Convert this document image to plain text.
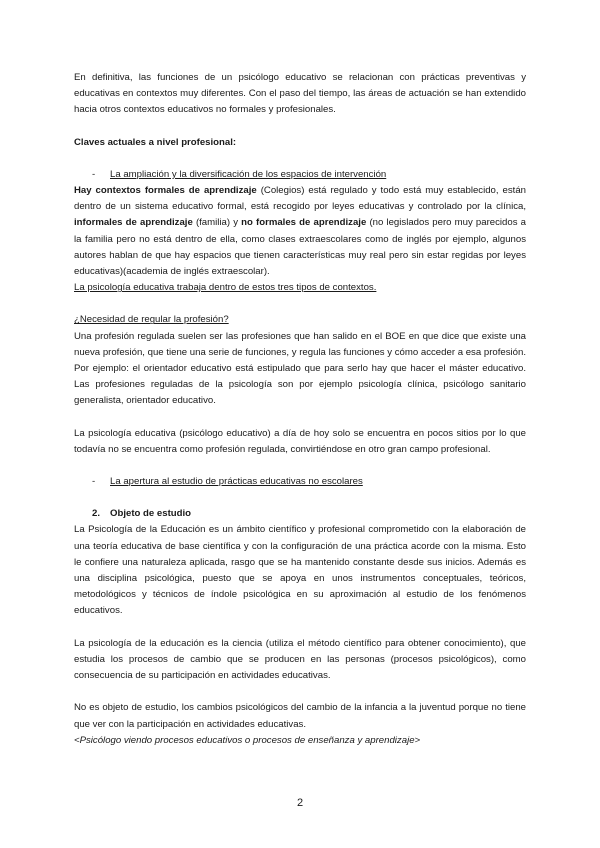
En definitiva, las funciones de un psicólogo educativo se relacionan con prácticas preventivas y educativas en contextos muy diferentes. Con el paso del tiempo, las áreas de actuación se han extendido hacia otros contextos educativos no formales y profesionales.

Claves actuales a nivel profesional:

-	La ampliación y la diversificación de los espacios de intervención

Hay contextos formales de aprendizaje (Colegios) está regulado y todo está muy establecido, están dentro de un sistema educativo formal, está recogido por leyes educativas y controlado por la clínica, informales de aprendizaje (familia) y no formales de aprendizaje (no legislados pero muy parecidos a la familia pero no está dentro de ella, como clases extraescolares como de inglés por ejemplo, algunos autores hablan de que hay espacios que tienen características muy real pero sin estar regidas por leyes educativas)(academia de inglés extraescolar).

La psicología educativa trabaja dentro de estos tres tipos de contextos.

¿Necesidad de regular la profesión?

Una profesión regulada suelen ser las profesiones que han salido en el BOE en que dice que existe una nueva profesión, que tiene una serie de funciones, y regula las funciones y cómo acceder a esa profesión. Por ejemplo: el orientador educativo está estipulado que para serlo hay que hacer el máster educativo. Las profesiones reguladas de la psicología son por ejemplo psicología clínica, psicólogo sanitario generalista, orientador educativo.

La psicología educativa (psicólogo educativo) a día de hoy solo se encuentra en pocos sitios por lo que todavía no se encuentra como profesión regulada, convirtiéndose en otro gran campo profesional.

-	La apertura al estudio de prácticas educativas no escolares

2. Objeto de estudio

La Psicología de la Educación es un ámbito científico y profesional comprometido con la elaboración de una teoría educativa de base científica y con la configuración de una práctica acorde con la misma. Esto le confiere una naturaleza aplicada, rasgo que se ha mantenido constante desde sus inicios. Además es una disciplina psicológica, puesto que se apoya en unos instrumentos conceptuales, teóricos, metodológicos y técnicos de índole psicológica en su aproximación al estudio de los fenómenos educativos.

La psicología de la educación es la ciencia (utiliza el método científico para obtener conocimiento), que estudia los procesos de cambio que se producen en las personas (procesos psicológicos), como consecuencia de su participación en actividades educativas.

No es objeto de estudio, los cambios psicológicos del cambio de la infancia a la juventud porque no tiene que ver con la participación en actividades educativas.

<Psicólogo viendo procesos educativos o procesos de enseñanza y aprendizaje>

2
